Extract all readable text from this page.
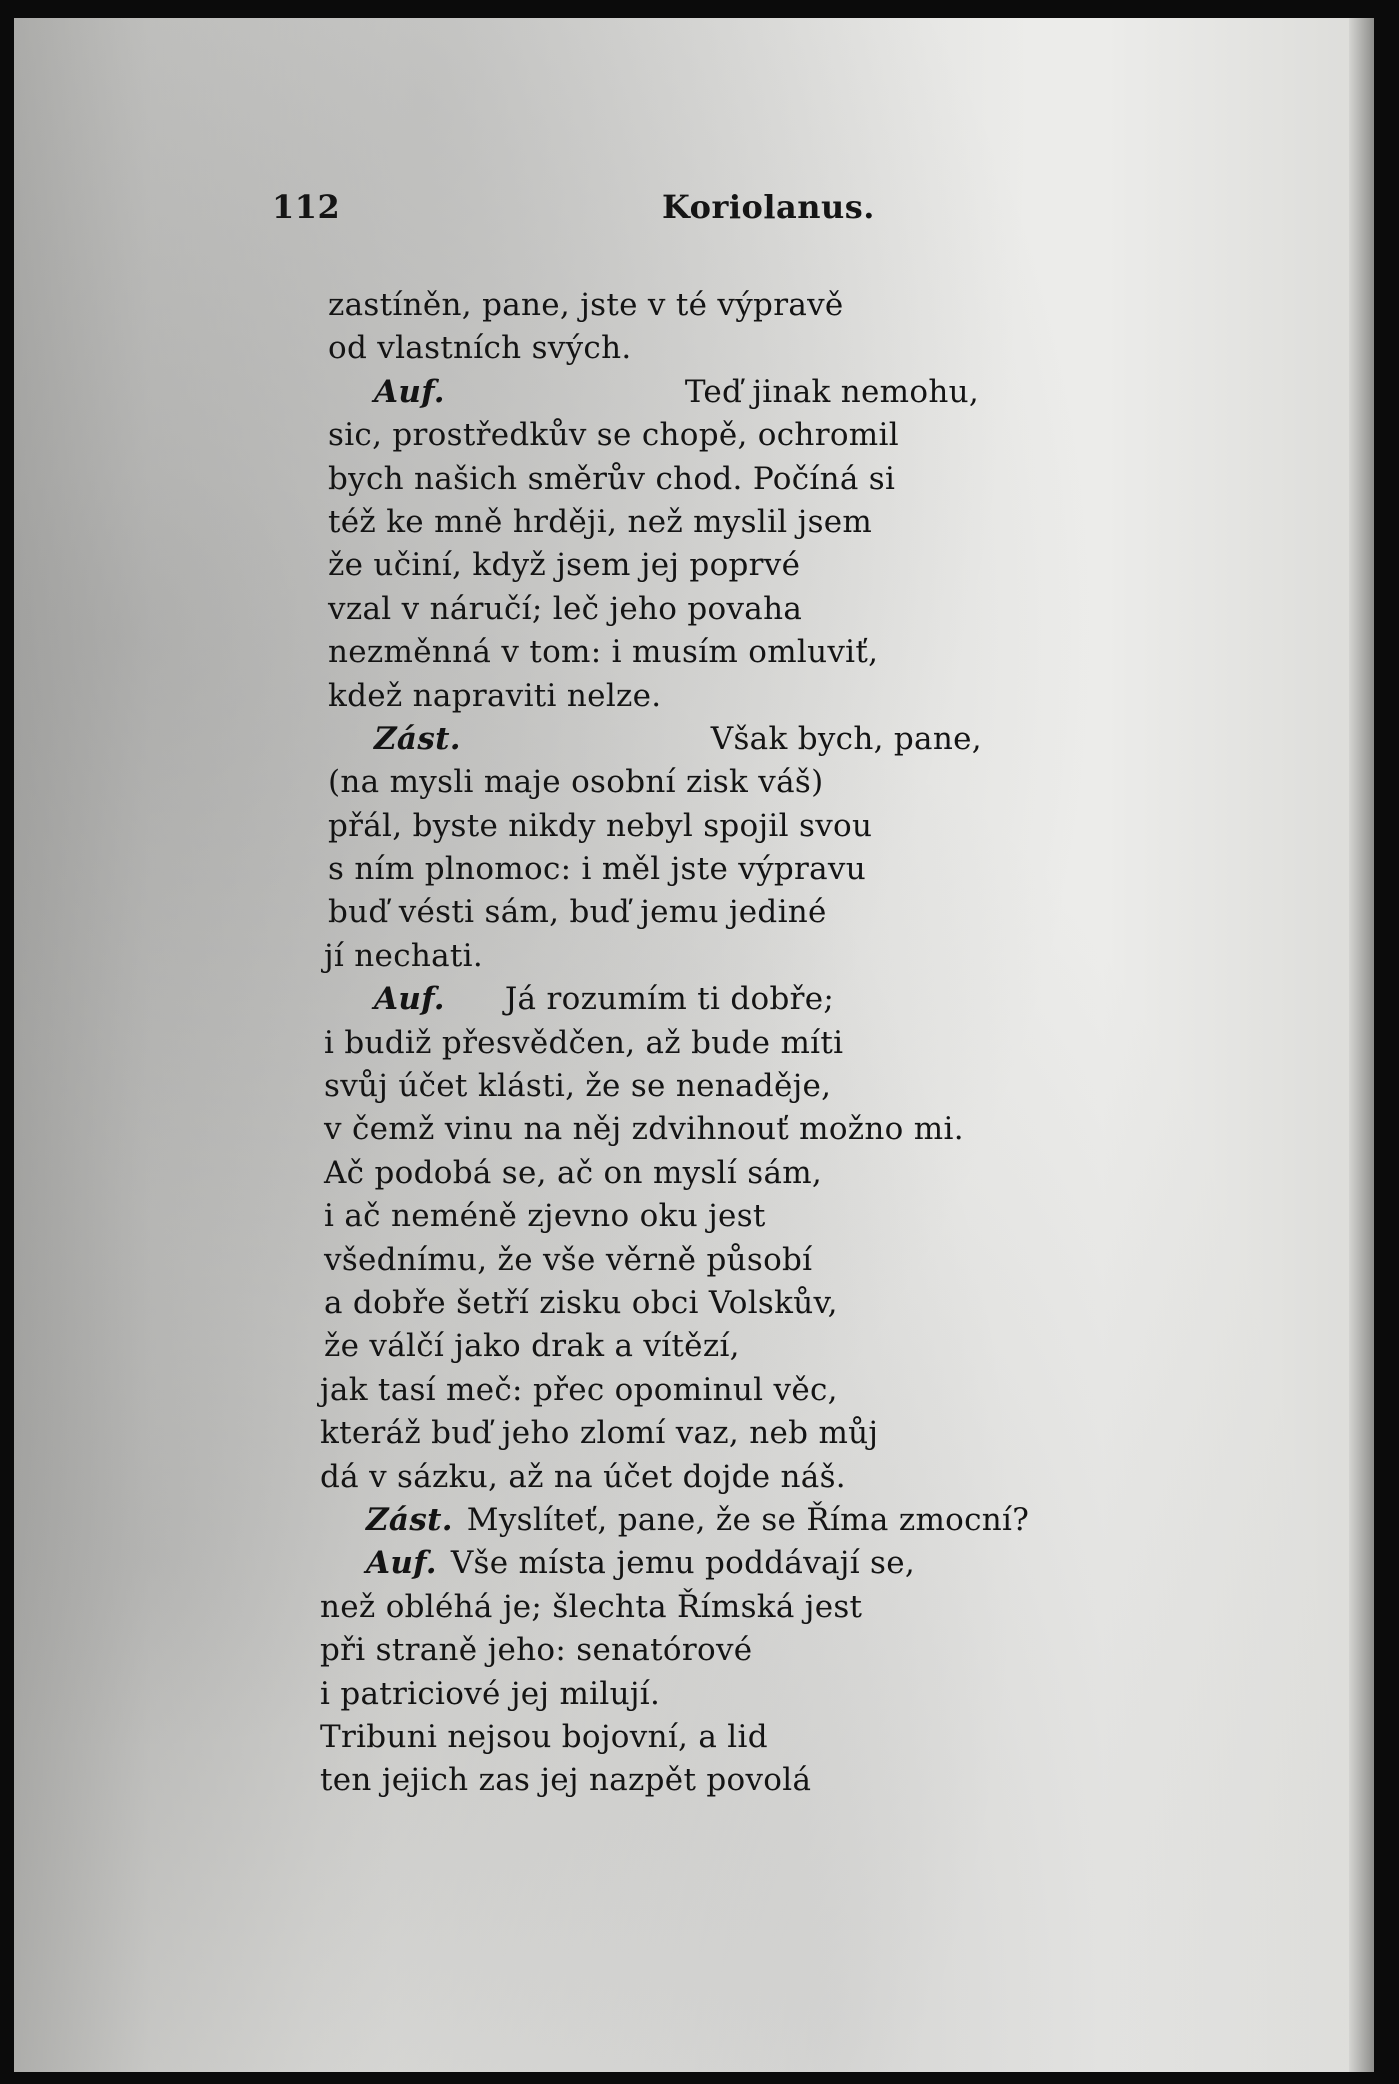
112	Koriolanus.
zastíněn, pane, jste v té výpravě
od vlastních svých.
Auf.	Teď jinak nemohu,
sic, prostředkův se chopě, ochromil
bych našich směrův chod. Počíná si
též ke mně hrději, než myslil jsem
že učiní, když jsem jej poprvé
vzal v náručí; leč jeho povaha
nezměnná v tom: i musím omluviť,
kdež napraviti nelze.
Zást.	Však bych, pane,
(na mysli maje osobní zisk váš)
přál, byste nikdy nebyl spojil svou
s ním plnomoc: i měl jste výpravu
buď vésti sám, buď jemu jediné
jí nechati.
Auf. Já rozumím ti dobře;
i budiž přesvědčen, až bude míti
svůj účet klásti, že se nenaděje,
v čemž vinu na něj zdvihnouť možno mi.
Ač podobá se, ač on myslí sám,
i ač neméně zjevno oku jest
všednímu, že vše věrně působí
a dobře šetří zisku obci Volskův,
že válčí jako drak a vítězí,
jak tasí meč: přec opominul věc,
kteráž buď jeho zlomí vaz, neb můj
dá v sázku, až na účet dojde náš.
Zást. Myslíteť, pane, že se Říma zmocní?
Auf. Vše místa jemu poddávají se,
než obléhá je; šlechta Římská jest
při straně jeho: senatórové
i patriciové jej milují.
Tribuni nejsou bojovní, a lid
ten jejich zas jej nazpět povolá
